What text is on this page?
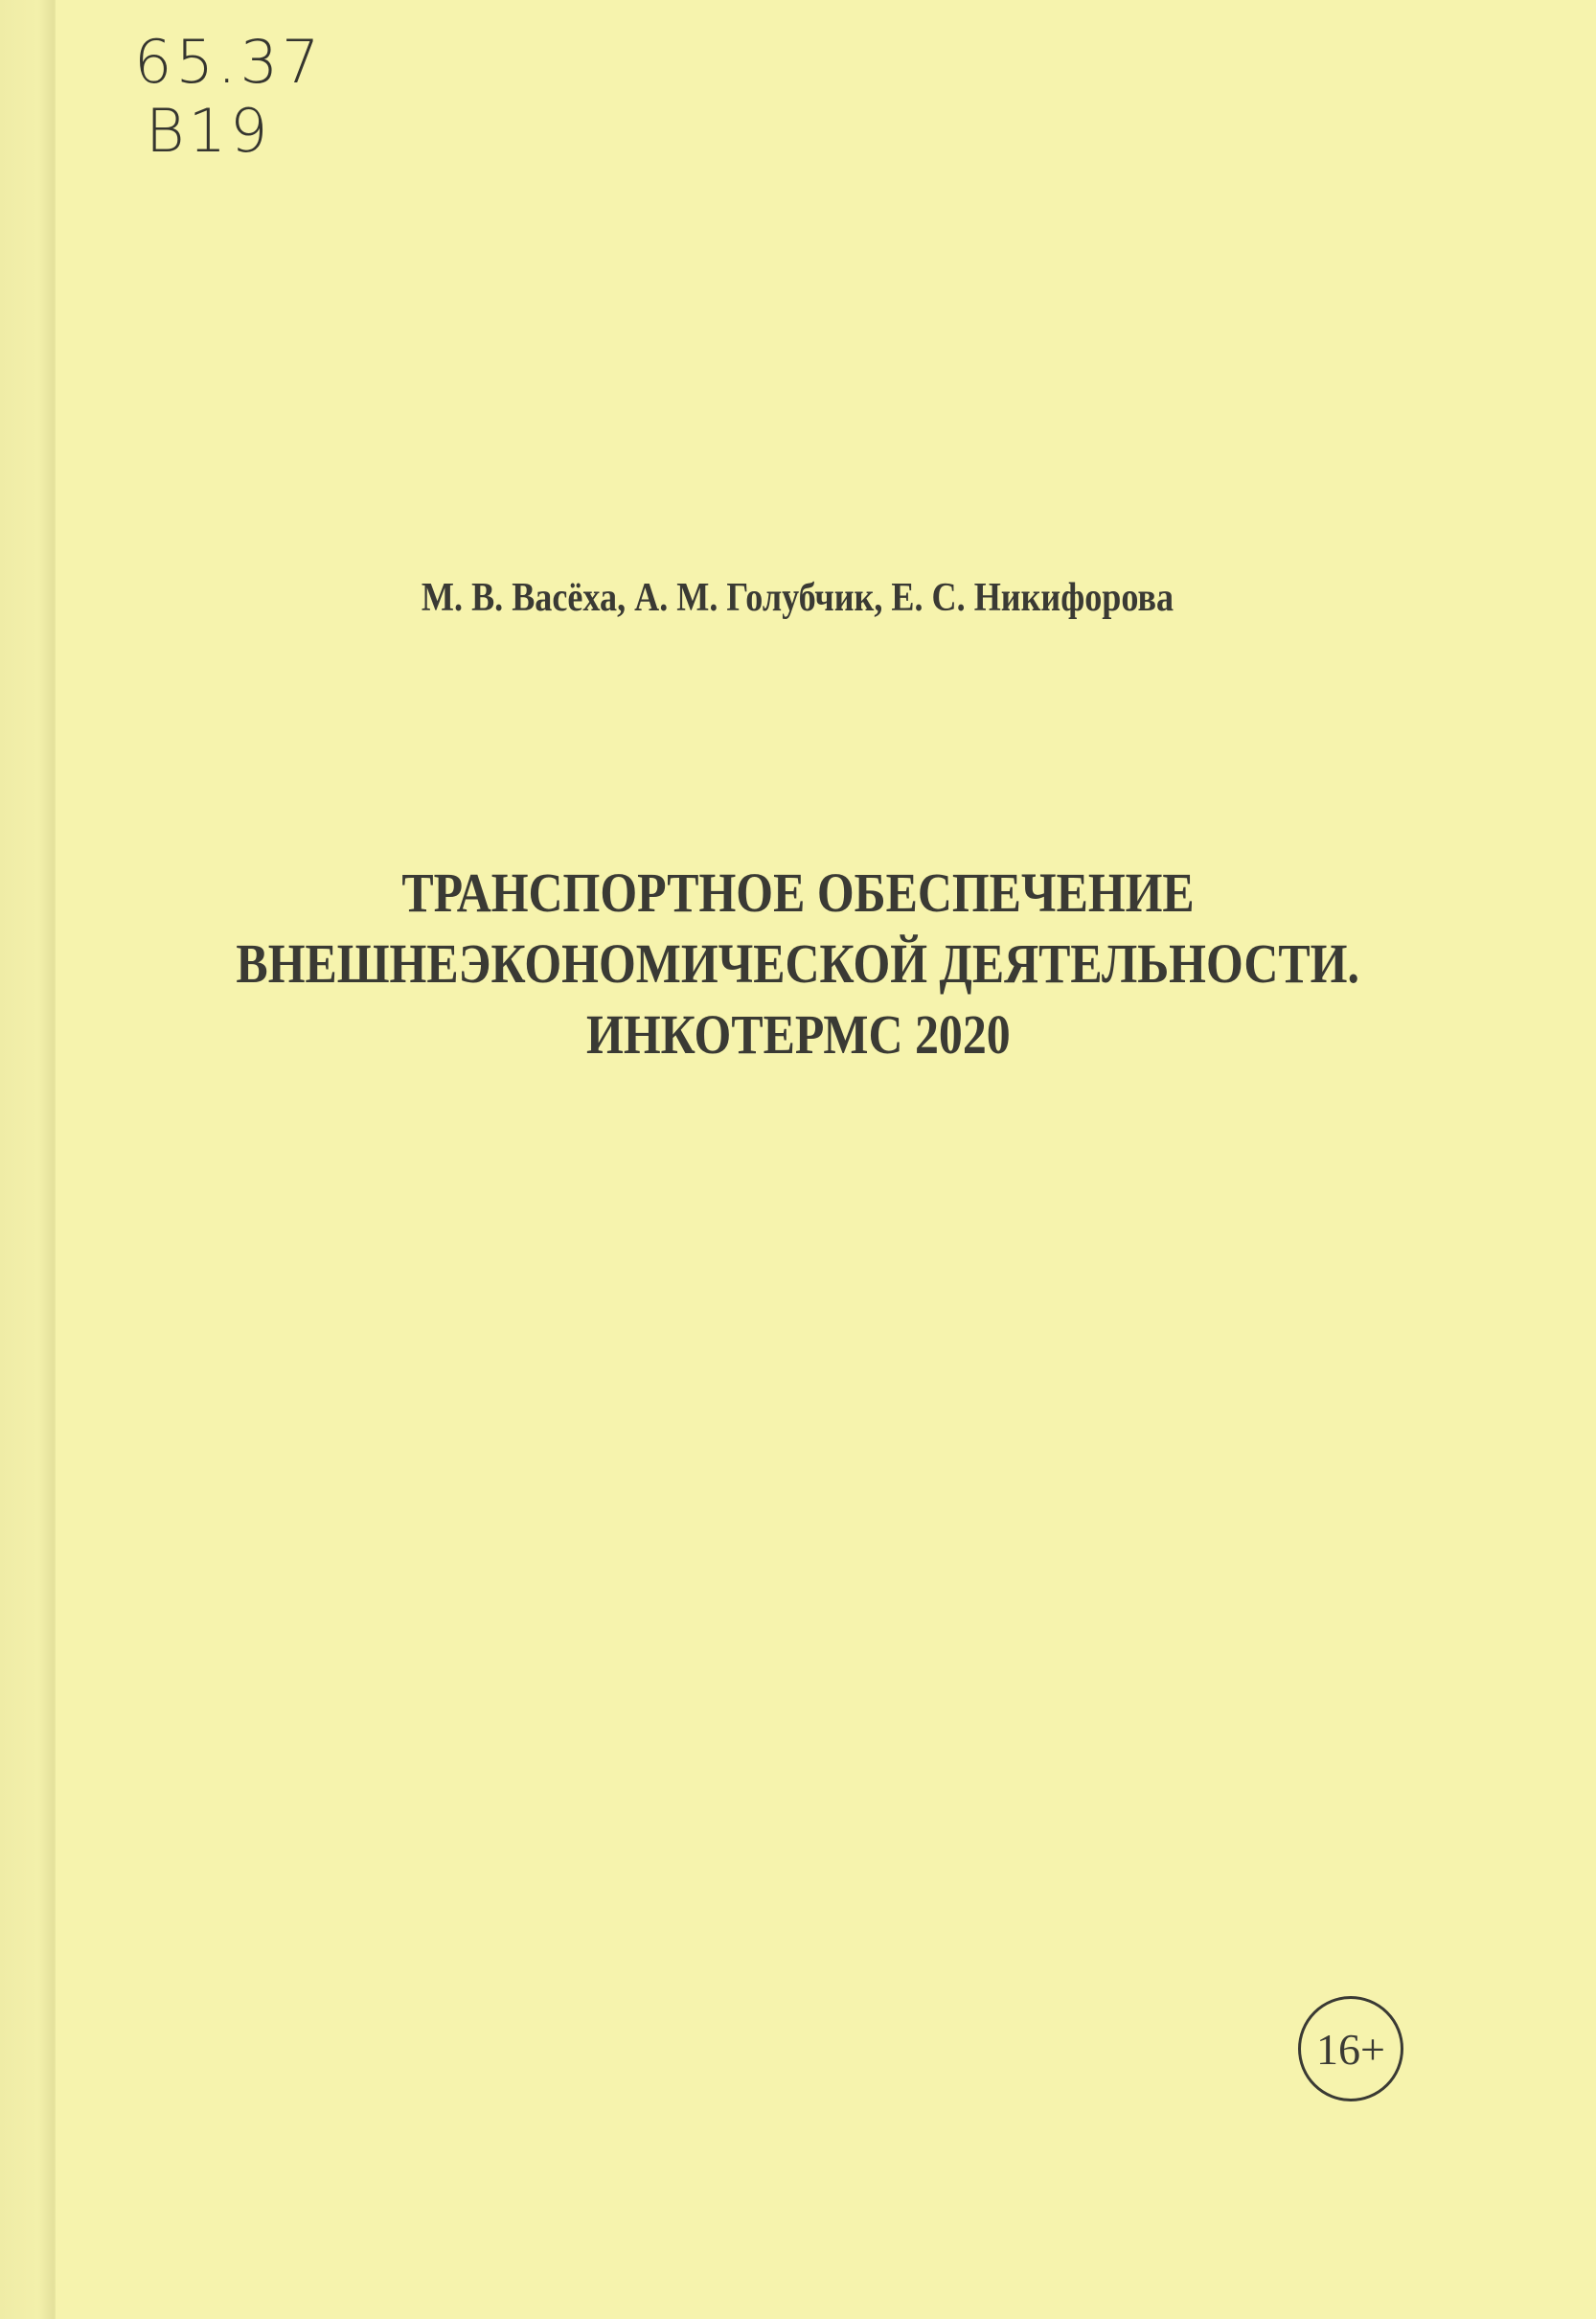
65.37
В19
М. В. Васёха, А. М. Голубчик, Е. С. Никифорова
ТРАНСПОРТНОЕ ОБЕСПЕЧЕНИЕ
ВНЕШНЕЭКОНОМИЧЕСКОЙ ДЕЯТЕЛЬНОСТИ.
ИНКОТЕРМС 2020
16+
